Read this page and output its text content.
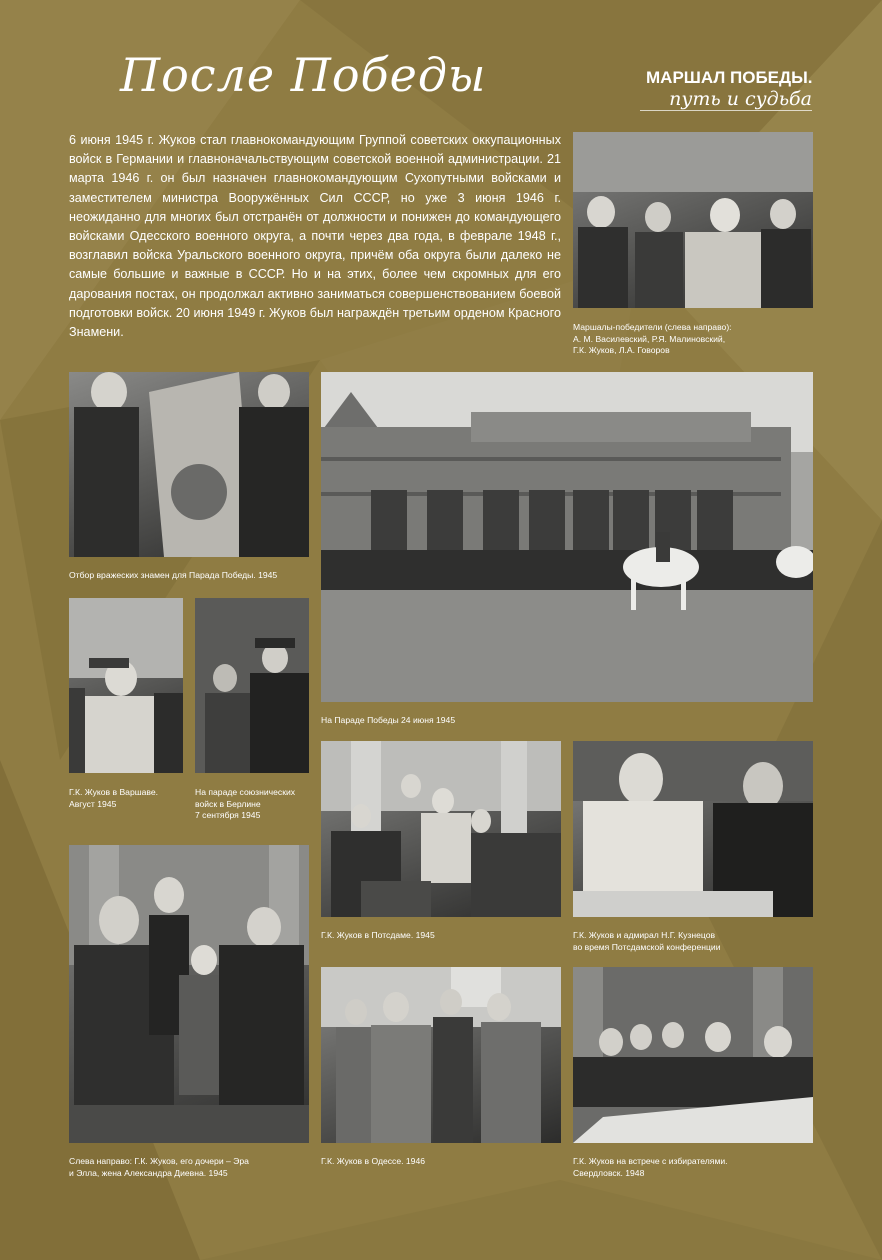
После Победы	МАРШАЛ ПОБЕДЫ.
путь и судьба
6 июня 1945 г. Жуков стал главнокомандующим Группой советских оккупационных войск в Германии и главноначальствующим советской военной администрации. 21 марта 1946 г. он был назначен главнокомандующим Сухопутными войсками и заместителем министра Вооружённых Сил СССР, но уже 3 июня 1946 г. неожиданно для многих был отстранён от должности и понижен до командующего войсками Одесского военного округа, а почти через два года, в феврале 1948 г., возглавил войска Уральского военного округа, причём оба округа были далеко не самые большие и важные в СССР. Но и на этих, более чем скромных для его дарования постах, он продолжал активно заниматься совершенствованием боевой подготовки войск. 20 июня 1949 г. Жуков был награждён третьим орденом Красного Знамени.	Маршалы-победители (слева направо):
А. М. Василевский, Р.Я. Малиновский,
Г.К. Жуков, Л.А. Говоров
Отбор вражеских знамен для Парада Победы. 1945
На Параде Победы 24 июня 1945
Г.К. Жуков в Варшаве.
Август 1945
На параде союзнических
войск в Берлине
7 сентября 1945
Г.К. Жуков в Потсдаме. 1945	Г.К. Жуков и адмирал Н.Г. Кузнецов
во время Потсдамской конференции
Слева направо: Г.К. Жуков, его дочери – Эра
и Элла, жена Александра Диевна. 1945
Г.К. Жуков в Одессе. 1946	Г.К. Жуков на встрече с избирателями.
Свердловск. 1948
